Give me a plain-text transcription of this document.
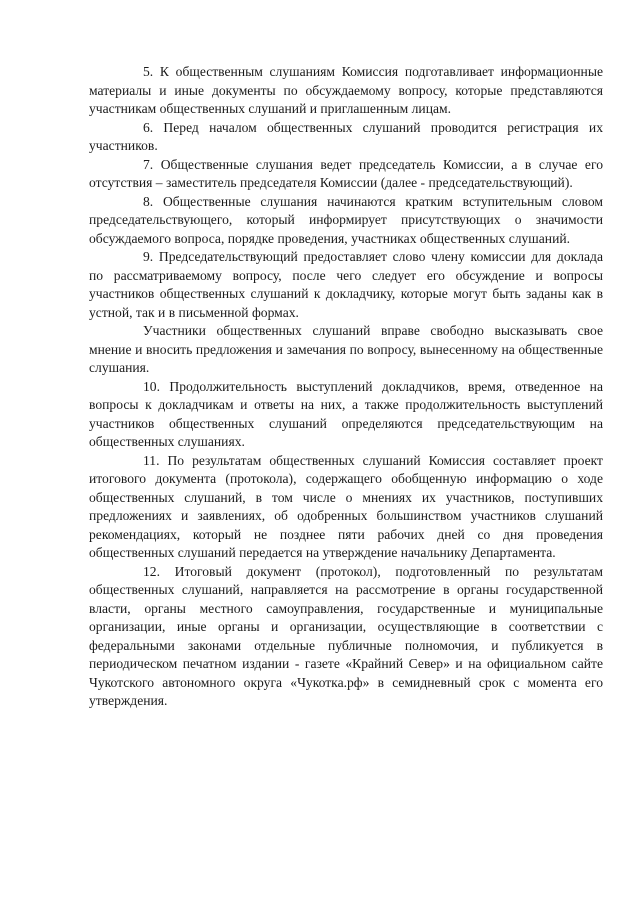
5. К общественным слушаниям Комиссия подготавливает информационные материалы и иные документы по обсуждаемому вопросу, которые представляются участникам общественных слушаний и приглашенным лицам.

6. Перед началом общественных слушаний проводится регистрация их участников.

7. Общественные слушания ведет председатель Комиссии, а в случае его отсутствия – заместитель председателя Комиссии (далее - председательствующий).

8. Общественные слушания начинаются кратким вступительным словом председательствующего, который информирует присутствующих о значимости обсуждаемого вопроса, порядке проведения, участниках общественных слушаний.

9. Председательствующий предоставляет слово члену комиссии для доклада по рассматриваемому вопросу, после чего следует его обсуждение и вопросы участников общественных слушаний к докладчику, которые могут быть заданы как в устной, так и в письменной формах.

Участники общественных слушаний вправе свободно высказывать свое мнение и вносить предложения и замечания по вопросу, вынесенному на общественные слушания.

10. Продолжительность выступлений докладчиков, время, отведенное на вопросы к докладчикам и ответы на них, а также продолжительность выступлений участников общественных слушаний определяются председательствующим на общественных слушаниях.

11. По результатам общественных слушаний Комиссия составляет проект итогового документа (протокола), содержащего обобщенную информацию о ходе общественных слушаний, в том числе о мнениях их участников, поступивших предложениях и заявлениях, об одобренных большинством участников слушаний рекомендациях, который не позднее пяти рабочих дней со дня проведения общественных слушаний передается на утверждение начальнику Департамента.

12. Итоговый документ (протокол), подготовленный по результатам общественных слушаний, направляется на рассмотрение в органы государственной власти, органы местного самоуправления, государственные и муниципальные организации, иные органы и организации, осуществляющие в соответствии с федеральными законами отдельные публичные полномочия, и публикуется в периодическом печатном издании - газете «Крайний Север» и на официальном сайте Чукотского автономного округа «Чукотка.рф» в семидневный срок с момента его утверждения.
